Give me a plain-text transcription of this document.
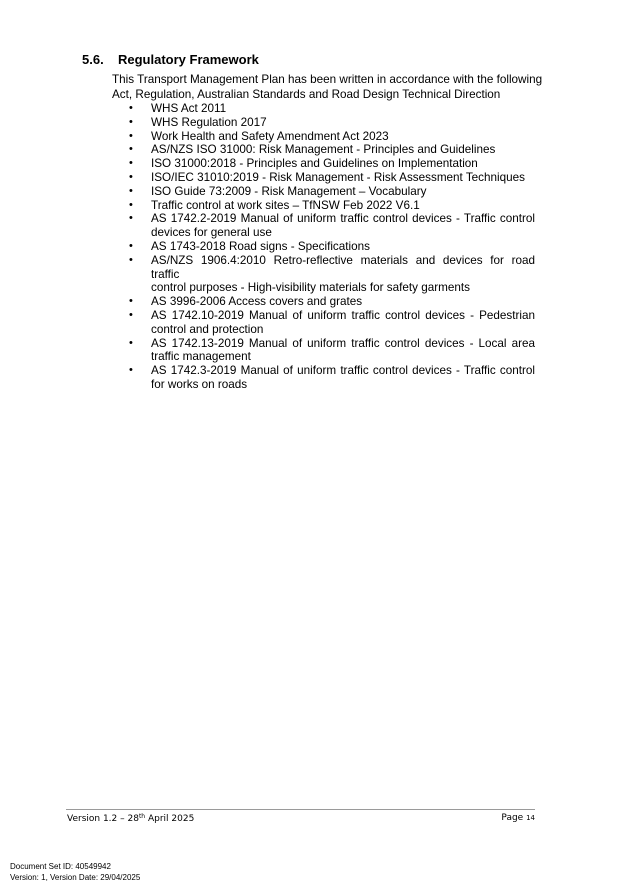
5.6. Regulatory Framework
This Transport Management Plan has been written in accordance with the following
Act, Regulation, Australian Standards and Road Design Technical Direction
• WHS Act 2011
• WHS Regulation 2017
• Work Health and Safety Amendment Act 2023
• AS/NZS ISO 31000: Risk Management - Principles and Guidelines
• ISO 31000:2018 - Principles and Guidelines on Implementation
• ISO/IEC 31010:2019 - Risk Management - Risk Assessment Techniques
• ISO Guide 73:2009 - Risk Management – Vocabulary
• Traffic control at work sites – TfNSW Feb 2022 V6.1
• AS 1742.2-2019 Manual of uniform traffic control devices - Traffic control
devices for general use
• AS 1743-2018 Road signs - Specifications
• AS/NZS 1906.4:2010 Retro-reflective materials and devices for road traffic
control purposes - High-visibility materials for safety garments
• AS 3996-2006 Access covers and grates
• AS 1742.10-2019 Manual of uniform traffic control devices - Pedestrian
control and protection
• AS 1742.13-2019 Manual of uniform traffic control devices - Local area
traffic management
• AS 1742.3-2019 Manual of uniform traffic control devices - Traffic control
for works on roads
Version 1.2 – 28th April 2025	Page 14
Document Set ID: 40549942
Version: 1, Version Date: 29/04/2025
